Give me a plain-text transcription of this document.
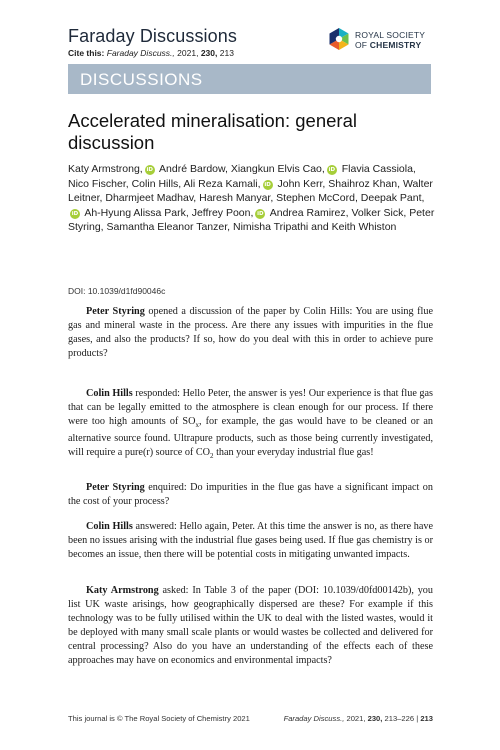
Faraday Discussions
Cite this: Faraday Discuss., 2021, 230, 213
ROYAL SOCIETY
OF CHEMISTRY
DISCUSSIONS
Accelerated mineralisation: general discussion
Katy Armstrong, iD André Bardow, Xiangkun Elvis Cao, iD Flavia Cassiola, Nico Fischer, Colin Hills, Ali Reza Kamali, iD John Kerr, Shaihroz Khan, Walter Leitner, Dharmjeet Madhav, Haresh Manyar, Stephen McCord, Deepak Pant,iD Ah-Hyung Alissa Park, Jeffrey Poon, iD Andrea Ramirez, Volker Sick, Peter Styring, Samantha Eleanor Tanzer, Nimisha Tripathi and Keith Whiston
DOI: 10.1039/d1fd90046c

Peter Styring opened a discussion of the paper by Colin Hills: You are using flue gas and mineral waste in the process. Are there any issues with impurities in the flue gases, and also the products? If so, how do you deal with this in order to achieve pure products?

Colin Hills responded: Hello Peter, the answer is yes! Our experience is that flue gas that can be legally emitted to the atmosphere is clean enough for our process. If there were too high amounts of $SO_x$, for example, the gas would have to be cleaned or an alternative source found. Ultrapure products, such as those being currently investigated, will require a pure(r) source of $CO_2$ than your everyday industrial flue gas!

Peter Styring enquired: Do impurities in the flue gas have a significant impact on the cost of your process?

Colin Hills answered: Hello again, Peter. At this time the answer is no, as there have been no issues arising with the industrial flue gases being used. If flue gas chemistry is or becomes an issue, then there will be potential costs in mitigating unwanted impacts.

Katy Armstrong asked: In Table 3 of the paper (DOI: 10.1039/d0fd00142b), you list UK waste arisings, how geographically dispersed are these? For example if this technology was to be fully utilised within the UK to deal with the listed wastes, would it be deployed with many small scale plants or would wastes be collected and delivered for central processing? Also do you have an understanding of the effects each of these approaches may have on economics and environmental impacts?

This journal is © The Royal Society of Chemistry 2021	Faraday Discuss., 2021, 230, 213–226 | 213
